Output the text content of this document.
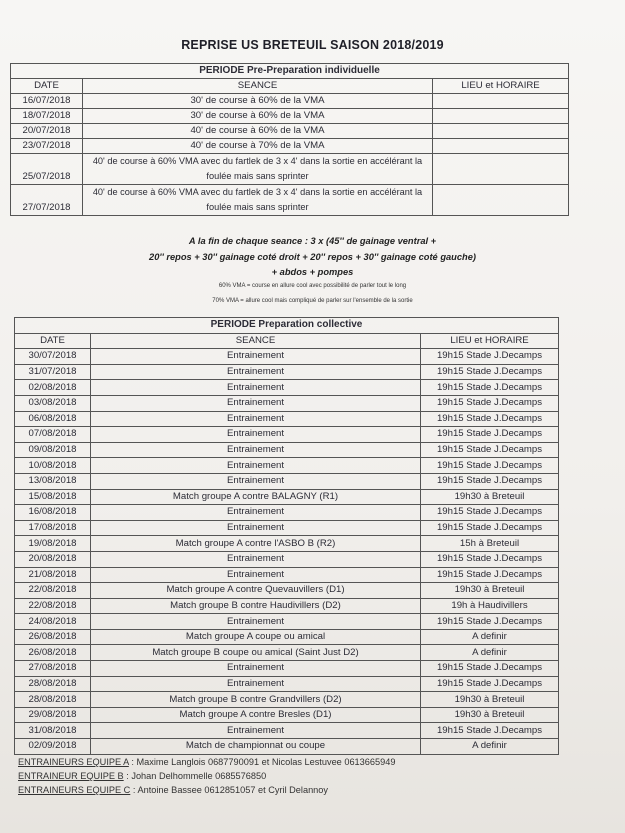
REPRISE US BRETEUIL SAISON 2018/2019
PERIODE Pre-Preparation individuelle		
DATE	SEANCE	LIEU et HORAIRE
16/07/2018	30' de course à 60% de la VMA	
18/07/2018	30' de course à 60% de la VMA	
20/07/2018	40' de course à 60% de la VMA	
23/07/2018	40' de course à 70% de la VMA	
25/07/2018	40' de course à 60% VMA avec du fartlek de 3 x 4' dans la sortie en accélérant la foulée mais sans sprinter	
27/07/2018	40' de course à 60% VMA avec du fartlek de 3 x 4' dans la sortie en accélérant la foulée mais sans sprinter	
A la fin de chaque seance : 3 x (45'' de gainage ventral +
20'' repos + 30'' gainage coté droit + 20'' repos + 30'' gainage coté gauche)
+ abdos + pompes
60% VMA = course en allure cool avec possibilité de parler tout le long
70% VMA = allure cool mais compliqué de parler sur l'ensemble de la sortie
PERIODE Preparation collective		
DATE	SEANCE	LIEU et HORAIRE
30/07/2018	Entrainement	19h15 Stade J.Decamps
31/07/2018	Entrainement	19h15 Stade J.Decamps
02/08/2018	Entrainement	19h15 Stade J.Decamps
03/08/2018	Entrainement	19h15 Stade J.Decamps
06/08/2018	Entrainement	19h15 Stade J.Decamps
07/08/2018	Entrainement	19h15 Stade J.Decamps
09/08/2018	Entrainement	19h15 Stade J.Decamps
10/08/2018	Entrainement	19h15 Stade J.Decamps
13/08/2018	Entrainement	19h15 Stade J.Decamps
15/08/2018	Match groupe A contre BALAGNY (R1)	19h30 à Breteuil
16/08/2018	Entrainement	19h15 Stade J.Decamps
17/08/2018	Entrainement	19h15 Stade J.Decamps
19/08/2018	Match groupe A contre l'ASBO B (R2)	15h à Breteuil
20/08/2018	Entrainement	19h15 Stade J.Decamps
21/08/2018	Entrainement	19h15 Stade J.Decamps
22/08/2018	Match groupe A contre Quevauvillers (D1)	19h30 à Breteuil
22/08/2018	Match groupe B contre Haudivillers (D2)	19h à Haudivillers
24/08/2018	Entrainement	19h15 Stade J.Decamps
26/08/2018	Match groupe A coupe ou amical	A definir
26/08/2018	Match groupe B coupe ou amical (Saint Just D2)	A definir
27/08/2018	Entrainement	19h15 Stade J.Decamps
28/08/2018	Entrainement	19h15 Stade J.Decamps
28/08/2018	Match groupe B contre Grandvillers (D2)	19h30 à Breteuil
29/08/2018	Match groupe A contre Bresles (D1)	19h30 à Breteuil
31/08/2018	Entrainement	19h15 Stade J.Decamps
02/09/2018	Match de championnat ou coupe	A definir
ENTRAINEURS EQUIPE A : Maxime Langlois 0687790091 et Nicolas Lestuvee 0613665949
ENTRAINEUR EQUIPE B : Johan Delhommelle 0685576850
ENTRAINEURS EQUIPE C : Antoine Bassee 0612851057 et Cyril Delannoy
